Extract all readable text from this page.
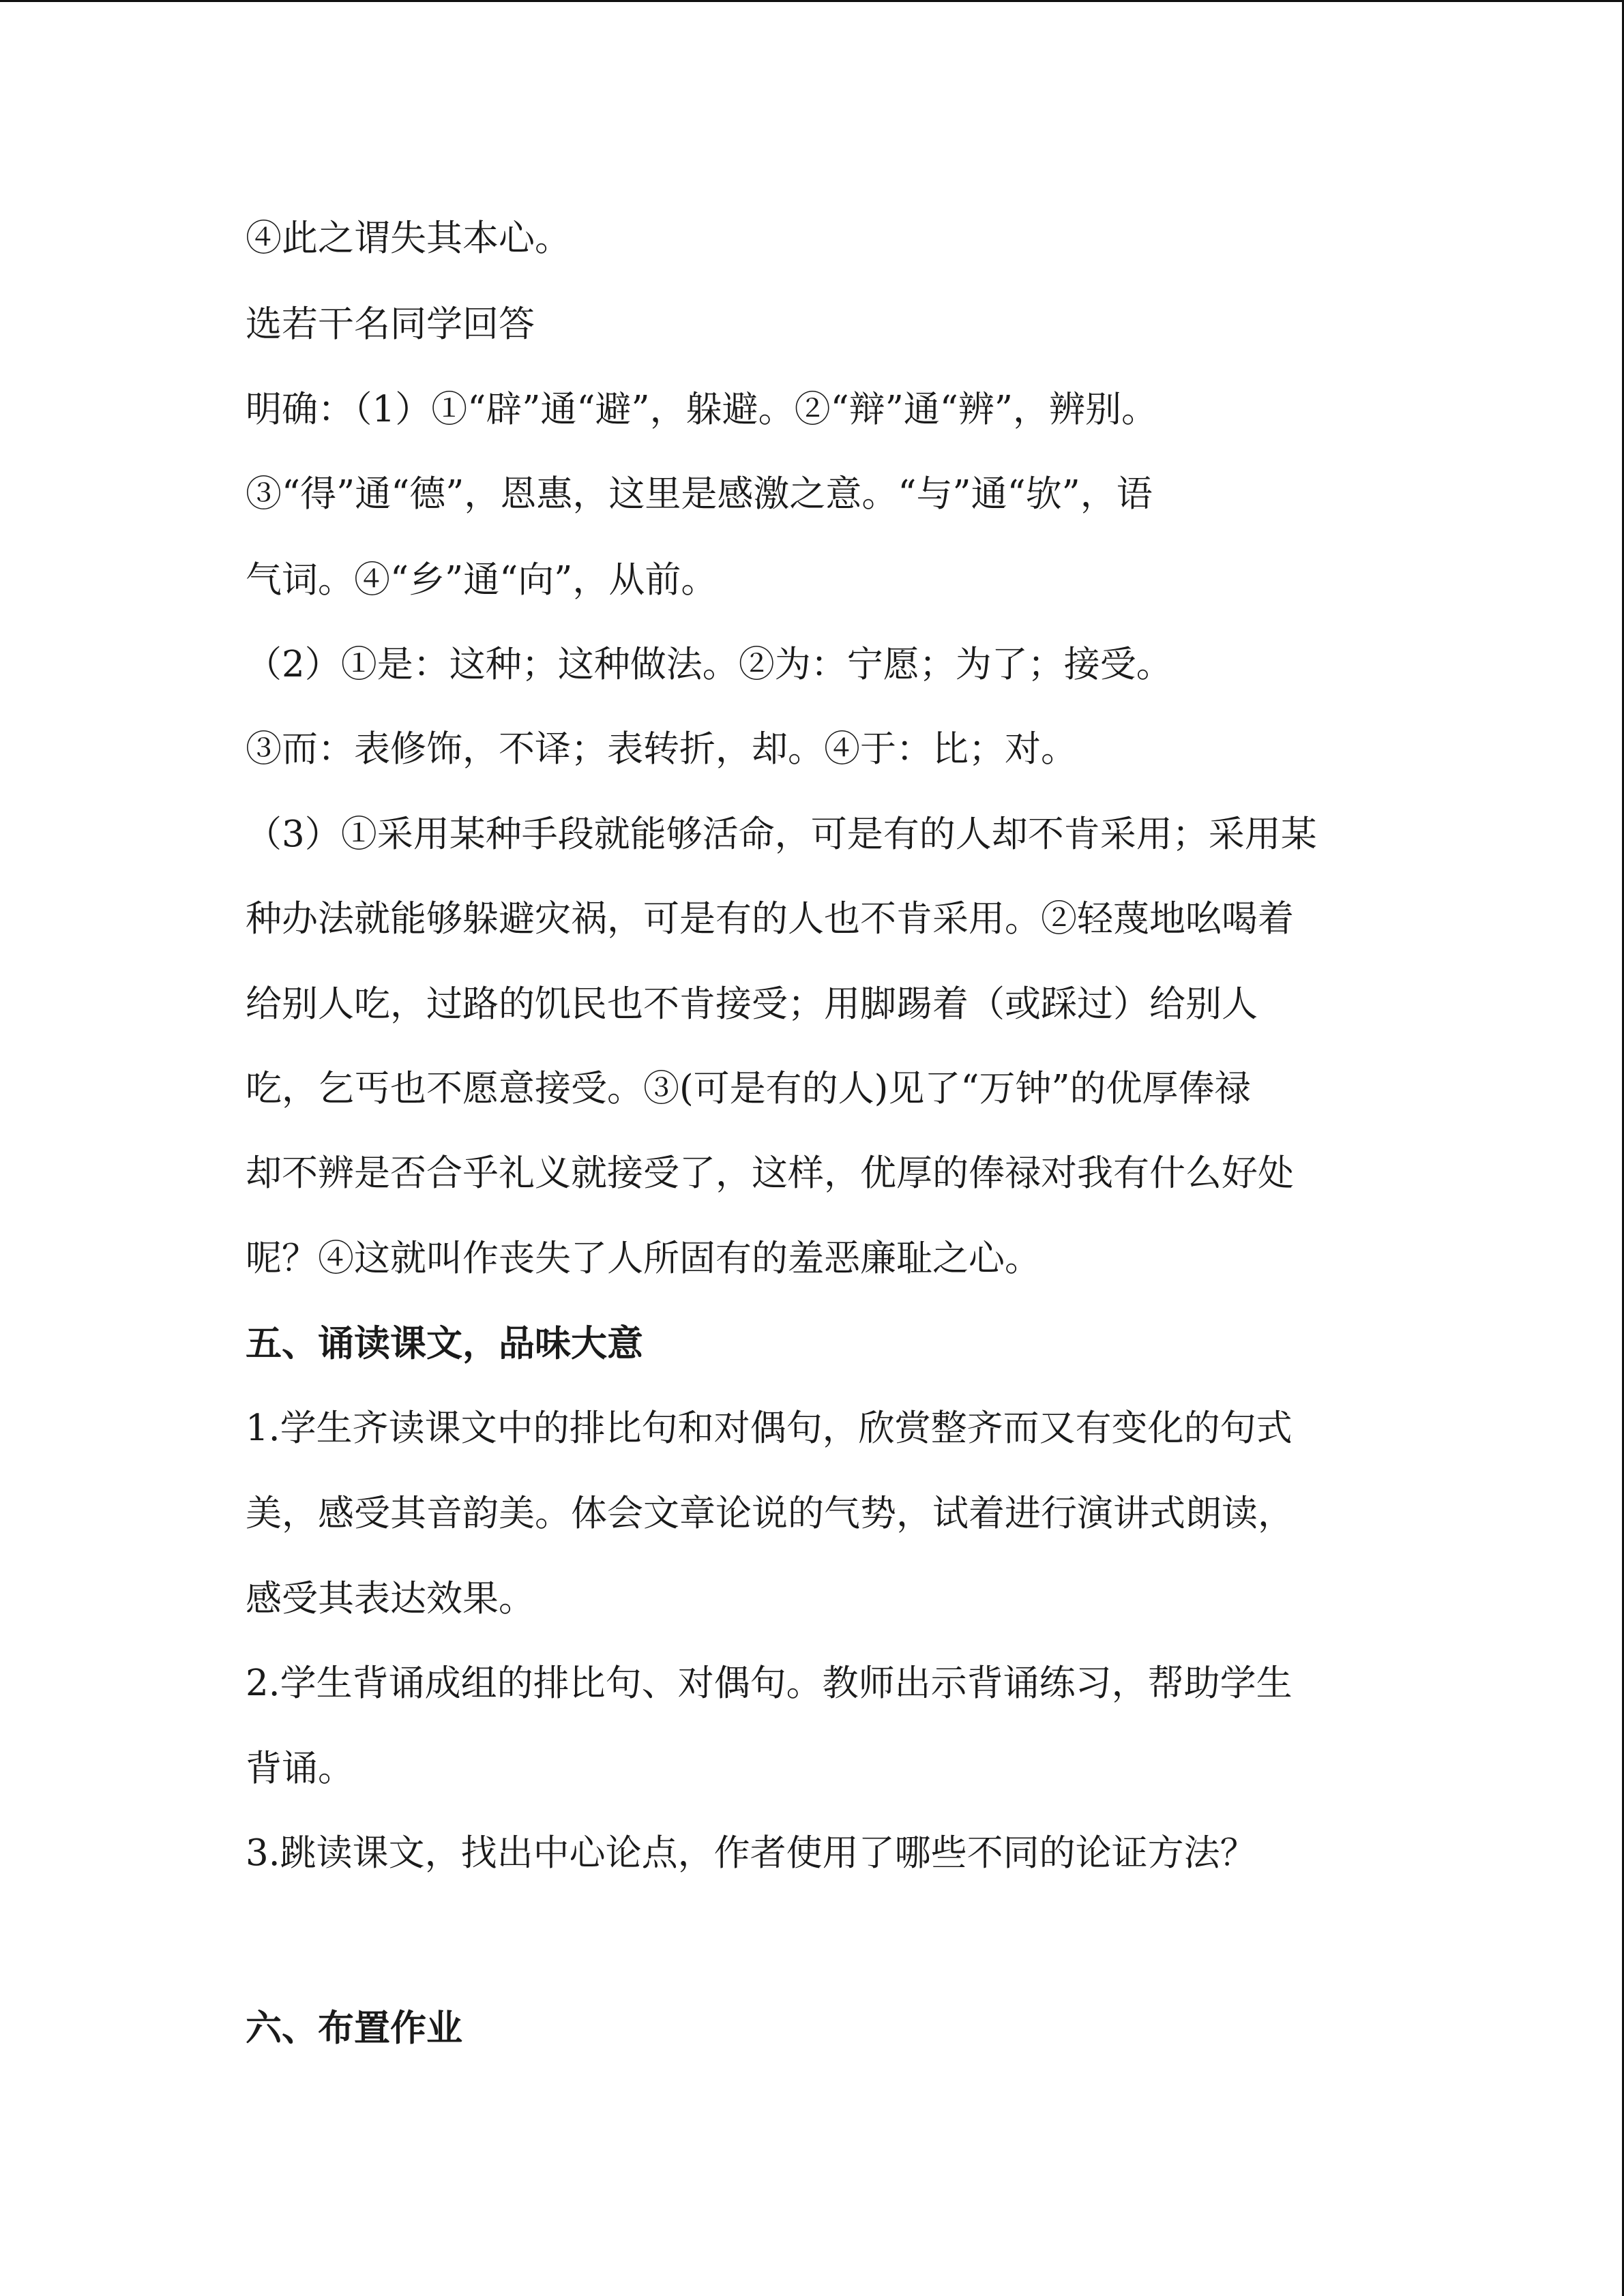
④此之谓失其本心。
选若干名同学回答
明确：（1）①“辟”通“避”，躲避。②“辩”通“辨”，辨别。
③“得”通“德”，恩惠，这里是感激之意。“与”通“欤”，语
气词。④“乡”通“向”，从前。
（2）①是：这种；这种做法。②为：宁愿；为了；接受。
③而：表修饰，不译；表转折，却。④于：比；对。
（3）①采用某种手段就能够活命，可是有的人却不肯采用；采用某
种办法就能够躲避灾祸，可是有的人也不肯采用。②轻蔑地吆喝着
给别人吃，过路的饥民也不肯接受；用脚踢着（或踩过）给别人
吃，乞丐也不愿意接受。③(可是有的人)见了“万钟”的优厚俸禄
却不辨是否合乎礼义就接受了，这样，优厚的俸禄对我有什么好处
呢？④这就叫作丧失了人所固有的羞恶廉耻之心。
五、诵读课文，品味大意
1.学生齐读课文中的排比句和对偶句，欣赏整齐而又有变化的句式
美，感受其音韵美。体会文章论说的气势，试着进行演讲式朗读，
感受其表达效果。
2.学生背诵成组的排比句、对偶句。教师出示背诵练习，帮助学生
背诵。
3.跳读课文，找出中心论点，作者使用了哪些不同的论证方法？
六、布置作业
